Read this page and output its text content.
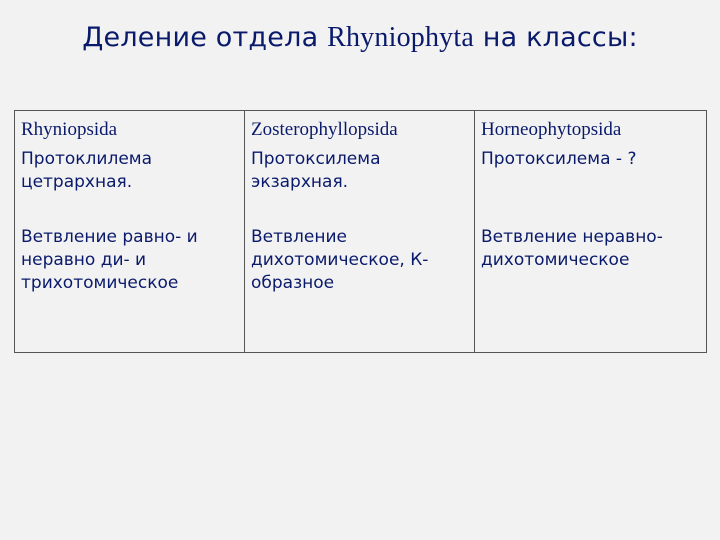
Деление отдела Rhyniophyta на классы:
Rhyniopsida	Zosterophyllopsida	Horneophytopsida
Протоклилема цетрархная.	Протоксилема экзархная.	Протоксилема - ?
Ветвление равно- и неравно ди- и трихотомическое	Ветвление дихотомическое, К-образное	Ветвление неравно-дихотомическое
